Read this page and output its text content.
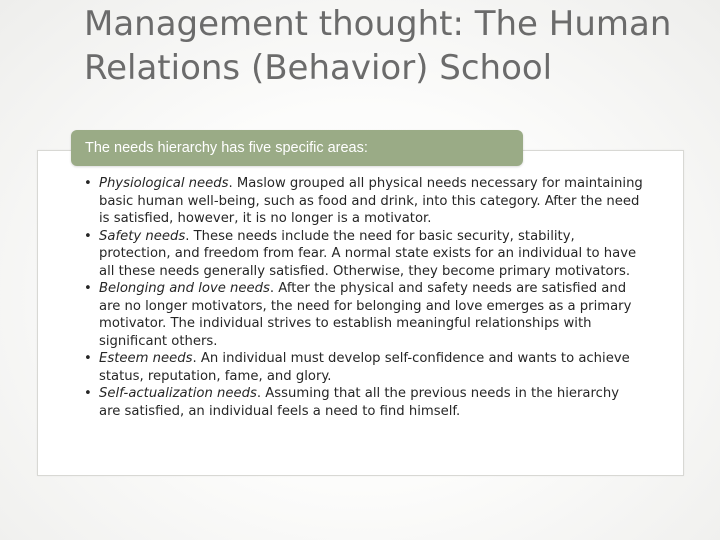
Management thought: The Human Relations (Behavior) School
The needs hierarchy has five specific areas:
• Physiological needs. Maslow grouped all physical needs necessary for maintaining basic human well-being, such as food and drink, into this category. After the need is satisfied, however, it is no longer is a motivator.
• Safety needs. These needs include the need for basic security, stability, protection, and freedom from fear. A normal state exists for an individual to have all these needs generally satisfied. Otherwise, they become primary motivators.
• Belonging and love needs. After the physical and safety needs are satisfied and are no longer motivators, the need for belonging and love emerges as a primary motivator. The individual strives to establish meaningful relationships with significant others.
• Esteem needs. An individual must develop self-confidence and wants to achieve status, reputation, fame, and glory.
• Self-actualization needs. Assuming that all the previous needs in the hierarchy are satisfied, an individual feels a need to find himself.
